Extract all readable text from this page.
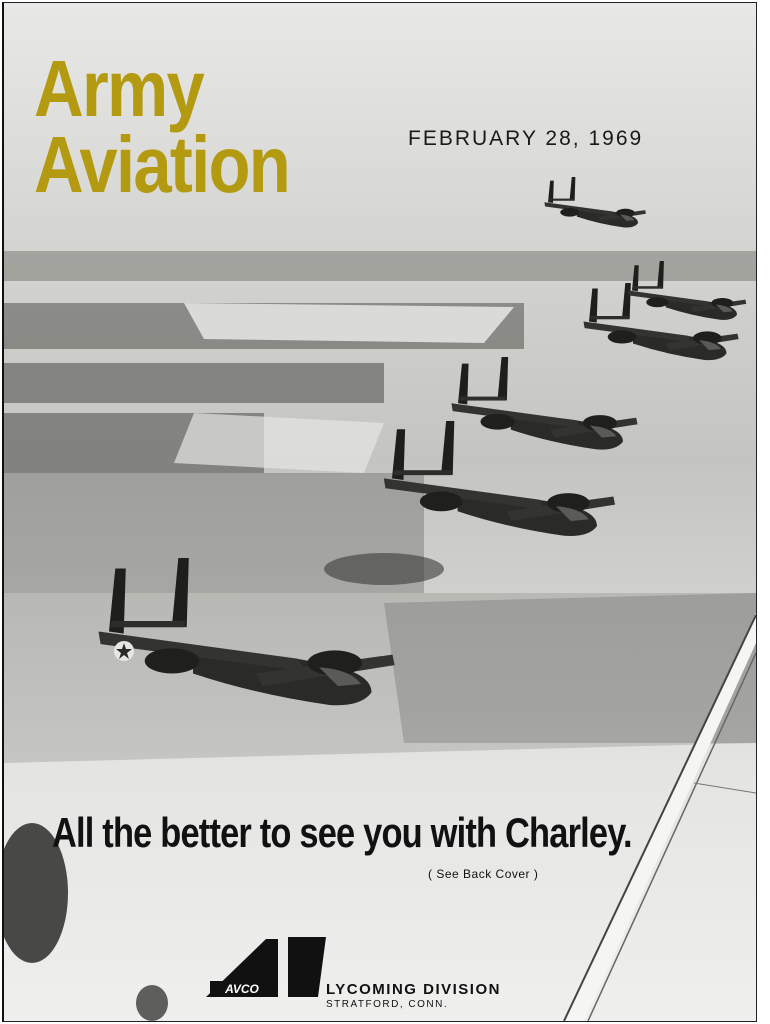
Army
Aviation	FEBRUARY 28, 1969
All the better to see you with Charley.
( See Back Cover )
AVCO	LYCOMING DIVISION
STRATFORD, CONN.
